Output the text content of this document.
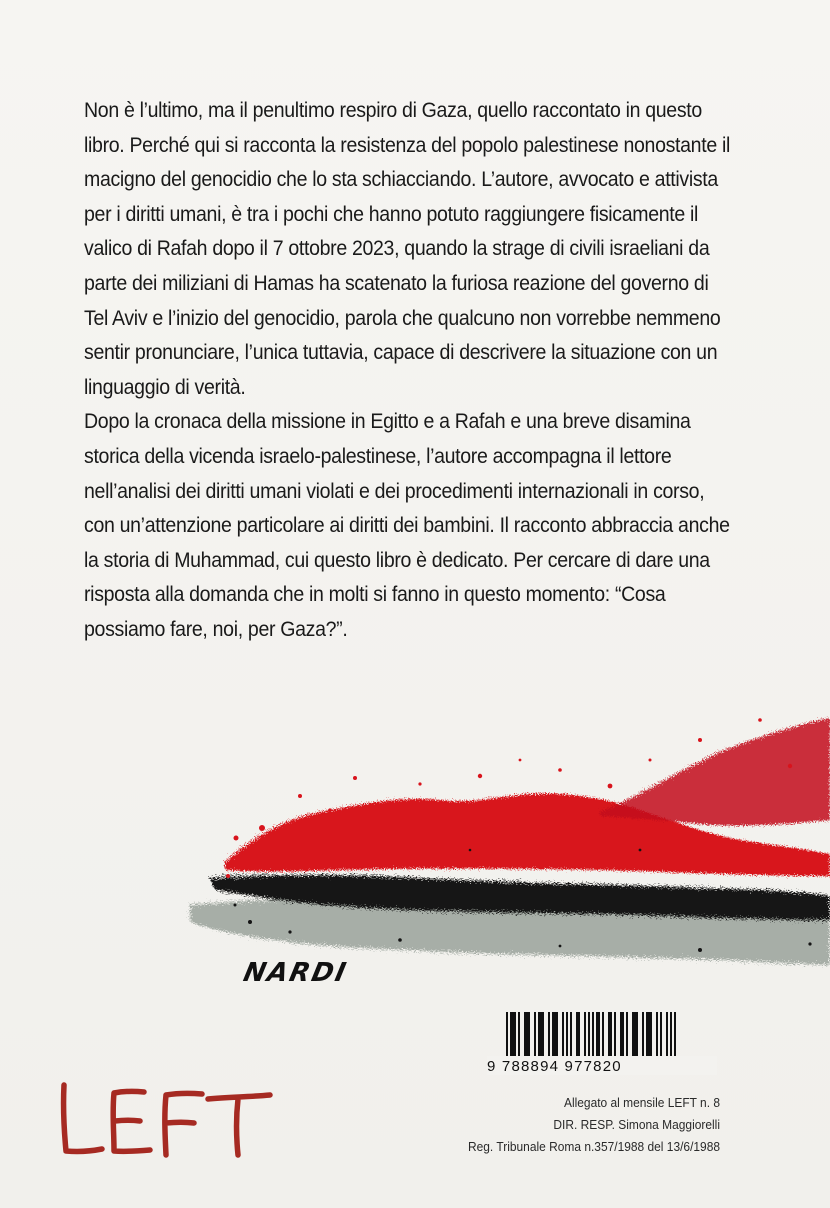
Non è l’ultimo, ma il penultimo respiro di Gaza, quello raccontato in questo libro. Perché qui si racconta la resistenza del popolo palestinese nonostante il macigno del genocidio che lo sta schiacciando. L’autore, avvocato e attivista per i diritti umani, è tra i pochi che hanno potuto raggiungere fisicamente il valico di Rafah dopo il 7 ottobre 2023, quando la strage di civili israeliani da parte dei miliziani di Hamas ha scatenato la furiosa reazione del governo di Tel Aviv e l’inizio del genocidio, parola che qualcuno non vorrebbe nemmeno sentir pronunciare, l’unica tuttavia, capace di descrivere la situazione con un linguaggio di verità.

Dopo la cronaca della missione in Egitto e a Rafah e una breve disamina storica della vicenda israelo-palestinese, l’autore accompagna il lettore nell’analisi dei diritti umani violati e dei procedimenti internazionali in corso, con un’attenzione particolare ai diritti dei bambini. Il racconto abbraccia anche la storia di Muhammad, cui questo libro è dedicato. Per cercare di dare una risposta alla domanda che in molti si fanno in questo momento: “Cosa possiamo fare, noi, per Gaza?”.

NARDI
9 788894 977820
LEFT
Allegato al mensile LEFT n. 8
DIR. RESP. Simona Maggiorelli
Reg. Tribunale Roma n.357/1988 del 13/6/1988
